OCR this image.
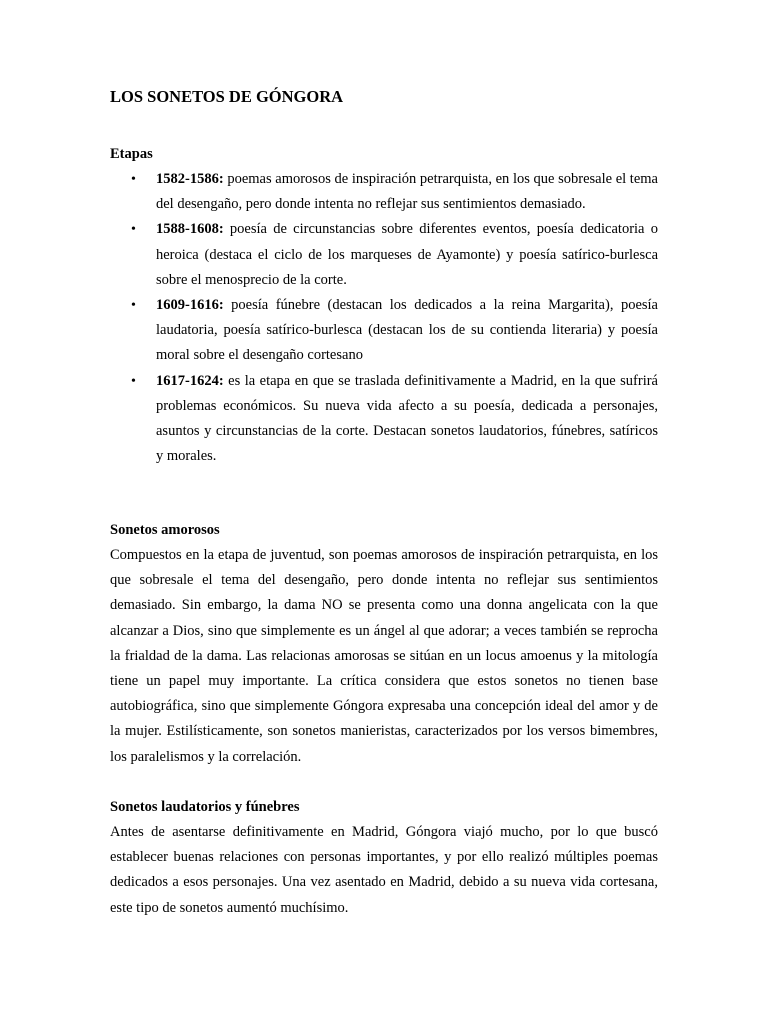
LOS SONETOS DE GÓNGORA

Etapas

• 1582-1586: poemas amorosos de inspiración petrarquista, en los que sobresale el tema del desengaño, pero donde intenta no reflejar sus sentimientos demasiado.
• 1588-1608: poesía de circunstancias sobre diferentes eventos, poesía dedicatoria o heroica (destaca el ciclo de los marqueses de Ayamonte) y poesía satírico-burlesca sobre el menosprecio de la corte.
• 1609-1616: poesía fúnebre (destacan los dedicados a la reina Margarita), poesía laudatoria, poesía satírico-burlesca (destacan los de su contienda literaria) y poesía moral sobre el desengaño cortesano
• 1617-1624: es la etapa en que se traslada definitivamente a Madrid, en la que sufrirá problemas económicos. Su nueva vida afecto a su poesía, dedicada a personajes, asuntos y circunstancias de la corte. Destacan sonetos laudatorios, fúnebres, satíricos y morales.

Sonetos amorosos

Compuestos en la etapa de juventud, son poemas amorosos de inspiración petrarquista, en los que sobresale el tema del desengaño, pero donde intenta no reflejar sus sentimientos demasiado. Sin embargo, la dama NO se presenta como una donna angelicata con la que alcanzar a Dios, sino que simplemente es un ángel al que adorar; a veces también se reprocha la frialdad de la dama. Las relacionas amorosas se sitúan en un locus amoenus y la mitología tiene un papel muy importante. La crítica considera que estos sonetos no tienen base autobiográfica, sino que simplemente Góngora expresaba una concepción ideal del amor y de la mujer. Estilísticamente, son sonetos manieristas, caracterizados por los versos bimembres, los paralelismos y la correlación.

Sonetos laudatorios y fúnebres

Antes de asentarse definitivamente en Madrid, Góngora viajó mucho, por lo que buscó establecer buenas relaciones con personas importantes, y por ello realizó múltiples poemas dedicados a esos personajes. Una vez asentado en Madrid, debido a su nueva vida cortesana, este tipo de sonetos aumentó muchísimo.
